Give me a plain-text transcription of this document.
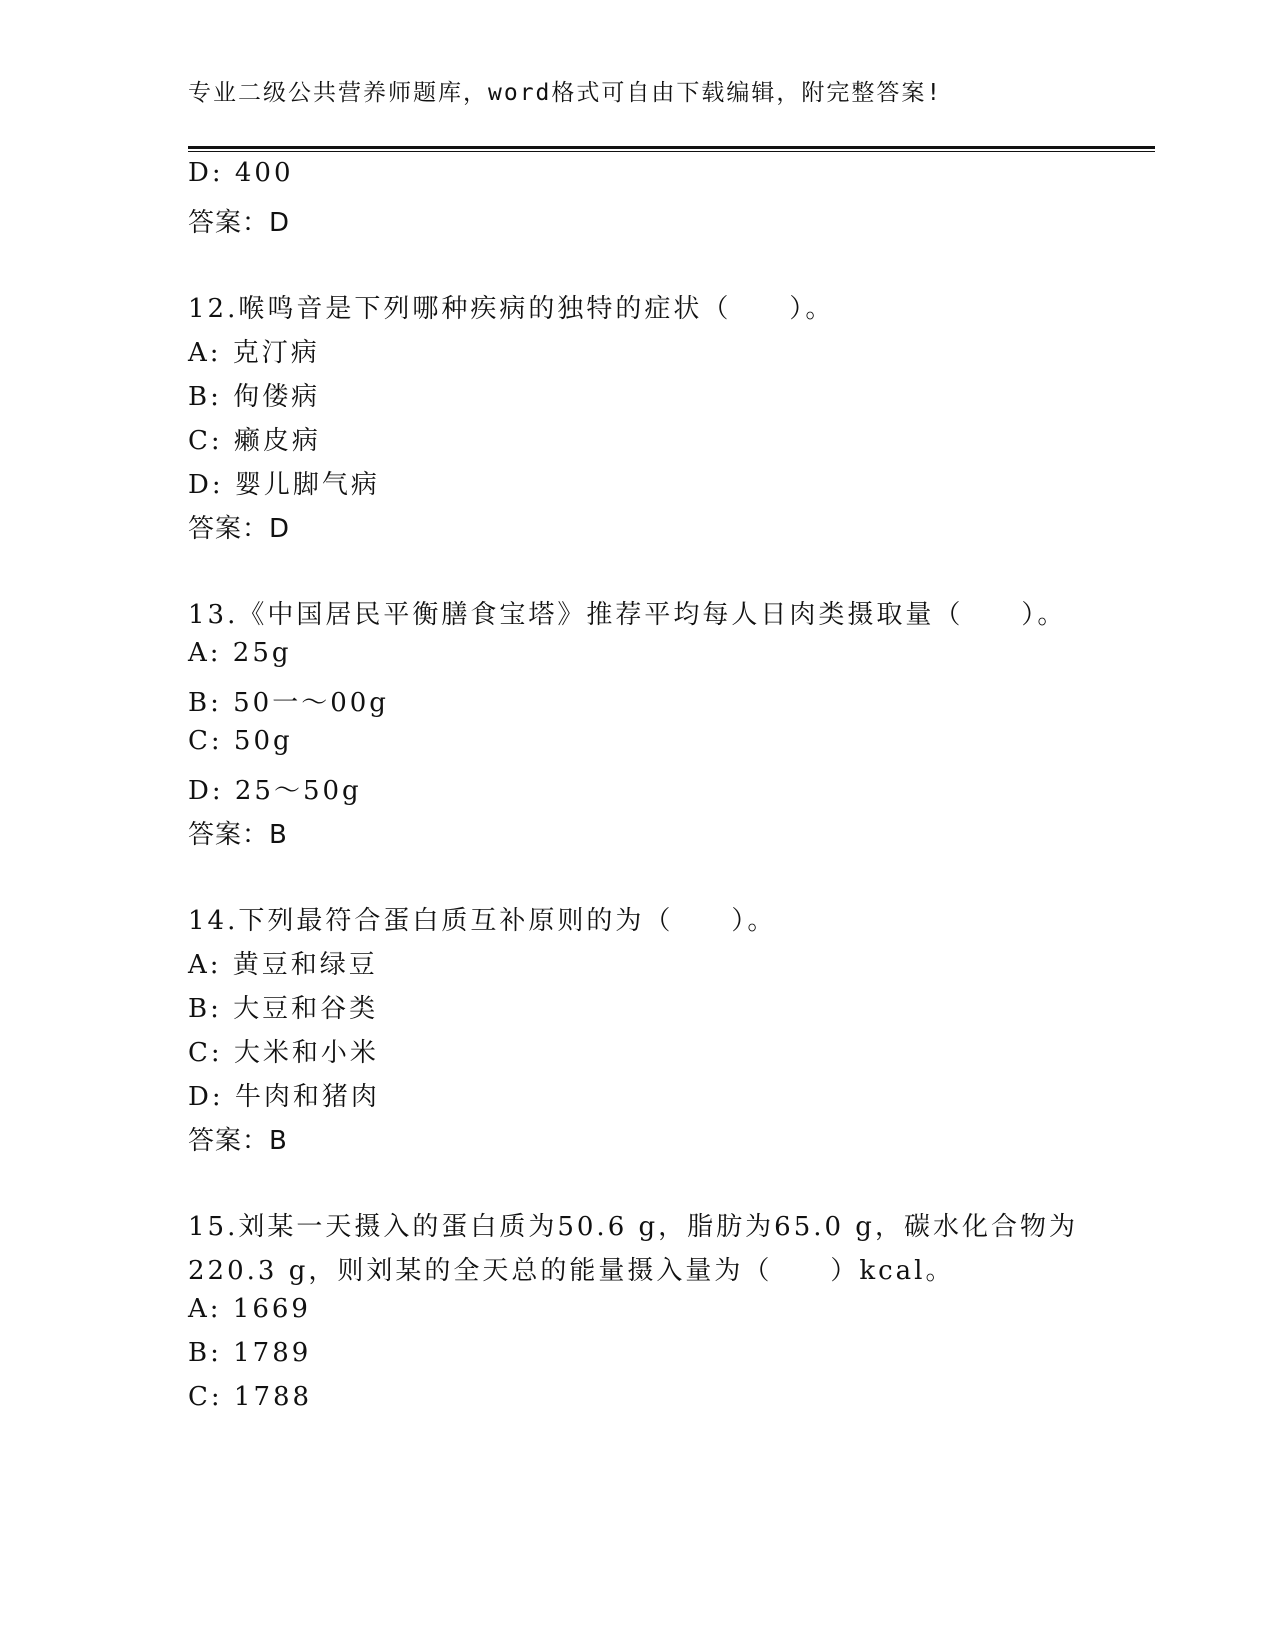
专业二级公共营养师题库，word格式可自由下载编辑，附完整答案!
D: 400
答案：D
12.喉鸣音是下列哪种疾病的独特的症状（　　）。
A: 克汀病
B: 佝偻病
C: 癞皮病
D: 婴儿脚气病
答案：D
13.《中国居民平衡膳食宝塔》推荐平均每人日肉类摄取量（　　）。
A: 25g
B: 50一～00g
C: 50g
D: 25～50g
答案：B
14.下列最符合蛋白质互补原则的为（　　）。
A: 黄豆和绿豆
B: 大豆和谷类
C: 大米和小米
D: 牛肉和猪肉
答案：B
15.刘某一天摄入的蛋白质为50.6 g，脂肪为65.0 g，碳水化合物为
220.3 g，则刘某的全天总的能量摄入量为（　　）kcal。
A: 1669
B: 1789
C: 1788
